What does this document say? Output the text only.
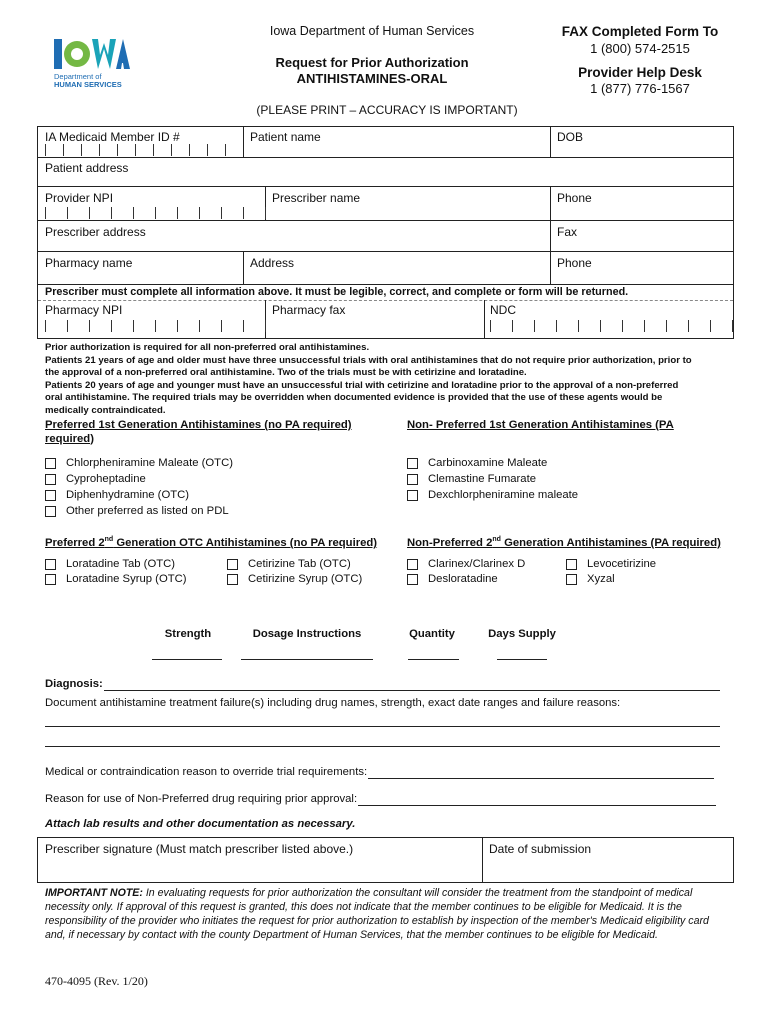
Department of
HUMAN SERVICES
Iowa Department of Human Services
Request for Prior Authorization
ANTIHISTAMINES-ORAL
(PLEASE PRINT – ACCURACY IS IMPORTANT)
FAX Completed Form To
1 (800) 574-2515
Provider Help Desk
1 (877) 776-1567
IA Medicaid Member ID #	Patient name	DOB
Patient address
Provider NPI	Prescriber name	Phone
Prescriber address	Fax
Pharmacy name	Address	Phone
Prescriber must complete all information above. It must be legible, correct, and complete or form will be returned.
Pharmacy NPI	Pharmacy fax	NDC
Prior authorization is required for all non-preferred oral antihistamines.
Patients 21 years of age and older must have three unsuccessful trials with oral antihistamines that do not require prior authorization, prior to
the approval of a non-preferred oral antihistamine. Two of the trials must be with cetirizine and loratadine.
Patients 20 years of age and younger must have an unsuccessful trial with cetirizine and loratadine prior to the approval of a non-preferred
oral antihistamine. The required trials may be overridden when documented evidence is provided that the use of these agents would be
medically contraindicated.
Preferred 1st Generation Antihistamines (no PA required)
required)
Non- Preferred 1st Generation Antihistamines (PA
Chlorpheniramine Maleate (OTC)
Cyproheptadine
Diphenhydramine (OTC)
Other preferred as listed on PDL
Carbinoxamine Maleate
Clemastine Fumarate
Dexchlorpheniramine maleate
Preferred 2nd Generation OTC Antihistamines (no PA required)	Non-Preferred 2nd Generation Antihistamines (PA required)
Loratadine Tab (OTC)
Loratadine Syrup (OTC)
Cetirizine Tab (OTC)
Cetirizine Syrup (OTC)
Clarinex/Clarinex D
Desloratadine
Levocetirizine
Xyzal
Strength	Dosage Instructions	Quantity	Days Supply
Diagnosis:
Document antihistamine treatment failure(s) including drug names, strength, exact date ranges and failure reasons:
Medical or contraindication reason to override trial requirements:
Reason for use of Non-Preferred drug requiring prior approval:
Attach lab results and other documentation as necessary.
Prescriber signature (Must match prescriber listed above.)	Date of submission
IMPORTANT NOTE: In evaluating requests for prior authorization the consultant will consider the treatment from the standpoint of medical necessity only. If approval of this request is granted, this does not indicate that the member continues to be eligible for Medicaid. It is the responsibility of the provider who initiates the request for prior authorization to establish by inspection of the member's Medicaid eligibility card and, if necessary by contact with the county Department of Human Services, that the member continues to be eligible for Medicaid.
470-4095 (Rev. 1/20)
